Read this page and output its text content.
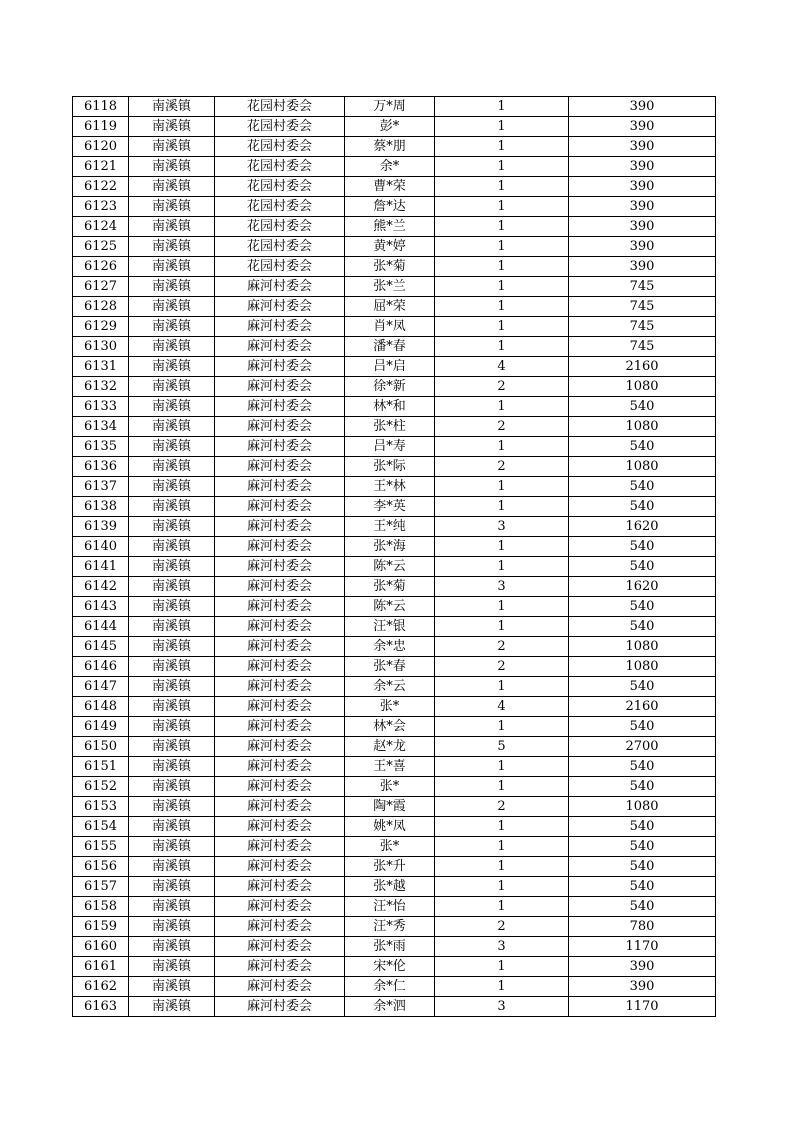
6118	南溪镇	花园村委会	万*周	1	390
6119	南溪镇	花园村委会	彭*	1	390
6120	南溪镇	花园村委会	蔡*朋	1	390
6121	南溪镇	花园村委会	余*	1	390
6122	南溪镇	花园村委会	曹*荣	1	390
6123	南溪镇	花园村委会	詹*达	1	390
6124	南溪镇	花园村委会	熊*兰	1	390
6125	南溪镇	花园村委会	黄*婷	1	390
6126	南溪镇	花园村委会	张*菊	1	390
6127	南溪镇	麻河村委会	张*兰	1	745
6128	南溪镇	麻河村委会	屈*荣	1	745
6129	南溪镇	麻河村委会	肖*凤	1	745
6130	南溪镇	麻河村委会	潘*春	1	745
6131	南溪镇	麻河村委会	吕*启	4	2160
6132	南溪镇	麻河村委会	徐*新	2	1080
6133	南溪镇	麻河村委会	林*和	1	540
6134	南溪镇	麻河村委会	张*柱	2	1080
6135	南溪镇	麻河村委会	吕*寿	1	540
6136	南溪镇	麻河村委会	张*际	2	1080
6137	南溪镇	麻河村委会	王*林	1	540
6138	南溪镇	麻河村委会	李*英	1	540
6139	南溪镇	麻河村委会	王*纯	3	1620
6140	南溪镇	麻河村委会	张*海	1	540
6141	南溪镇	麻河村委会	陈*云	1	540
6142	南溪镇	麻河村委会	张*菊	3	1620
6143	南溪镇	麻河村委会	陈*云	1	540
6144	南溪镇	麻河村委会	汪*银	1	540
6145	南溪镇	麻河村委会	余*忠	2	1080
6146	南溪镇	麻河村委会	张*春	2	1080
6147	南溪镇	麻河村委会	余*云	1	540
6148	南溪镇	麻河村委会	张*	4	2160
6149	南溪镇	麻河村委会	林*会	1	540
6150	南溪镇	麻河村委会	赵*龙	5	2700
6151	南溪镇	麻河村委会	王*喜	1	540
6152	南溪镇	麻河村委会	张*	1	540
6153	南溪镇	麻河村委会	陶*霞	2	1080
6154	南溪镇	麻河村委会	姚*凤	1	540
6155	南溪镇	麻河村委会	张*	1	540
6156	南溪镇	麻河村委会	张*升	1	540
6157	南溪镇	麻河村委会	张*越	1	540
6158	南溪镇	麻河村委会	汪*怡	1	540
6159	南溪镇	麻河村委会	汪*秀	2	780
6160	南溪镇	麻河村委会	张*雨	3	1170
6161	南溪镇	麻河村委会	宋*伦	1	390
6162	南溪镇	麻河村委会	余*仁	1	390
6163	南溪镇	麻河村委会	余*泗	3	1170
